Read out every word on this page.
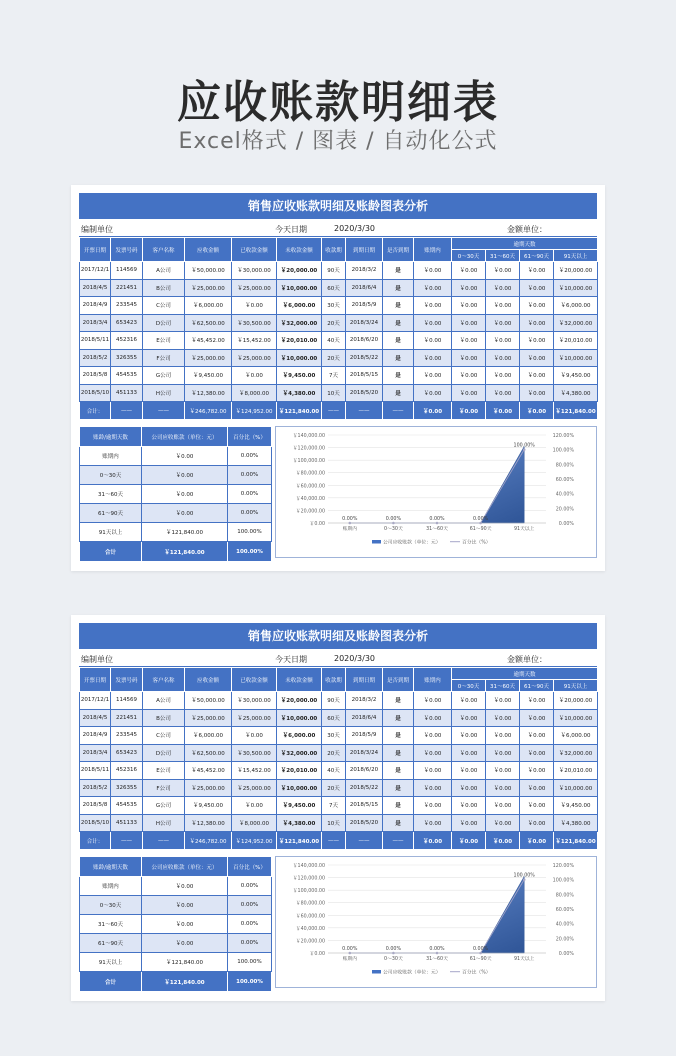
应收账款明细表
Excel格式 / 图表 / 自动化公式
销售应收账款明细及账龄图表分析
编制单位	今天日期	2020/3/30	金额单位：
开票日期	发票号码	客户名称	应收金额	已收款金额	未收款金额	收款期	到期日期	是否到期	账期内	逾期天数			
										0～30天	31～60天	61～90天	91天以上
2017/12/1	114569	A公司	￥50,000.00	￥30,000.00	￥20,000.00	90天	2018/3/2	是	￥0.00	￥0.00	￥0.00	￥0.00	￥20,000.00
2018/4/5	221451	B公司	￥25,000.00	￥25,000.00	￥10,000.00	60天	2018/6/4	是	￥0.00	￥0.00	￥0.00	￥0.00	￥10,000.00
2018/4/9	233545	C公司	￥6,000.00	￥0.00	￥6,000.00	30天	2018/5/9	是	￥0.00	￥0.00	￥0.00	￥0.00	￥6,000.00
2018/3/4	653423	D公司	￥62,500.00	￥30,500.00	￥32,000.00	20天	2018/3/24	是	￥0.00	￥0.00	￥0.00	￥0.00	￥32,000.00
2018/5/11	452316	E公司	￥45,452.00	￥15,452.00	￥20,010.00	40天	2018/6/20	是	￥0.00	￥0.00	￥0.00	￥0.00	￥20,010.00
2018/5/2	326355	F公司	￥25,000.00	￥25,000.00	￥10,000.00	20天	2018/5/22	是	￥0.00	￥0.00	￥0.00	￥0.00	￥10,000.00
2018/5/8	454535	G公司	￥9,450.00	￥0.00	￥9,450.00	7天	2018/5/15	是	￥0.00	￥0.00	￥0.00	￥0.00	￥9,450.00
2018/5/10	451133	H公司	￥12,380.00	￥8,000.00	￥4,380.00	10天	2018/5/20	是	￥0.00	￥0.00	￥0.00	￥0.00	￥4,380.00
合计：	——	——	￥246,782.00	￥124,952.00	￥121,840.00	——	——	——	￥0.00	￥0.00	￥0.00	￥0.00	￥121,840.00
账龄/逾期天数	公司应收账款（单位：元）	百分比（%）
账期内	￥0.00	0.00%
0～30天	￥0.00	0.00%
31～60天	￥0.00	0.00%
61～90天	￥0.00	0.00%
91天以上	￥121,840.00	100.00%
合计	￥121,840.00	100.00%
￥0.00
￥20,000.00
￥40,000.00
￥60,000.00
￥80,000.00
￥100,000.00
￥120,000.00
￥140,000.00
0.00%
20.00%
40.00%
60.00%
80.00%
100.00%
120.00%
0.00%	0.00%	0.00%	0.00%
100.00%
账期内	0～30天	31～60天	61～90天	91天以上
公司应收账款（单位：元）	百分比（%）
销售应收账款明细及账龄图表分析
编制单位	今天日期	2020/3/30	金额单位：
开票日期	发票号码	客户名称	应收金额	已收款金额	未收款金额	收款期	到期日期	是否到期	账期内	逾期天数			
										0～30天	31～60天	61～90天	91天以上
2017/12/1	114569	A公司	￥50,000.00	￥30,000.00	￥20,000.00	90天	2018/3/2	是	￥0.00	￥0.00	￥0.00	￥0.00	￥20,000.00
2018/4/5	221451	B公司	￥25,000.00	￥25,000.00	￥10,000.00	60天	2018/6/4	是	￥0.00	￥0.00	￥0.00	￥0.00	￥10,000.00
2018/4/9	233545	C公司	￥6,000.00	￥0.00	￥6,000.00	30天	2018/5/9	是	￥0.00	￥0.00	￥0.00	￥0.00	￥6,000.00
2018/3/4	653423	D公司	￥62,500.00	￥30,500.00	￥32,000.00	20天	2018/3/24	是	￥0.00	￥0.00	￥0.00	￥0.00	￥32,000.00
2018/5/11	452316	E公司	￥45,452.00	￥15,452.00	￥20,010.00	40天	2018/6/20	是	￥0.00	￥0.00	￥0.00	￥0.00	￥20,010.00
2018/5/2	326355	F公司	￥25,000.00	￥25,000.00	￥10,000.00	20天	2018/5/22	是	￥0.00	￥0.00	￥0.00	￥0.00	￥10,000.00
2018/5/8	454535	G公司	￥9,450.00	￥0.00	￥9,450.00	7天	2018/5/15	是	￥0.00	￥0.00	￥0.00	￥0.00	￥9,450.00
2018/5/10	451133	H公司	￥12,380.00	￥8,000.00	￥4,380.00	10天	2018/5/20	是	￥0.00	￥0.00	￥0.00	￥0.00	￥4,380.00
合计：	——	——	￥246,782.00	￥124,952.00	￥121,840.00	——	——	——	￥0.00	￥0.00	￥0.00	￥0.00	￥121,840.00
账龄/逾期天数	公司应收账款（单位：元）	百分比（%）
账期内	￥0.00	0.00%
0～30天	￥0.00	0.00%
31～60天	￥0.00	0.00%
61～90天	￥0.00	0.00%
91天以上	￥121,840.00	100.00%
合计	￥121,840.00	100.00%
￥0.00
￥20,000.00
￥40,000.00
￥60,000.00
￥80,000.00
￥100,000.00
￥120,000.00
￥140,000.00
0.00%
20.00%
40.00%
60.00%
80.00%
100.00%
120.00%
0.00%	0.00%	0.00%	0.00%
100.00%
账期内	0～30天	31～60天	61～90天	91天以上
公司应收账款（单位：元）	百分比（%）
